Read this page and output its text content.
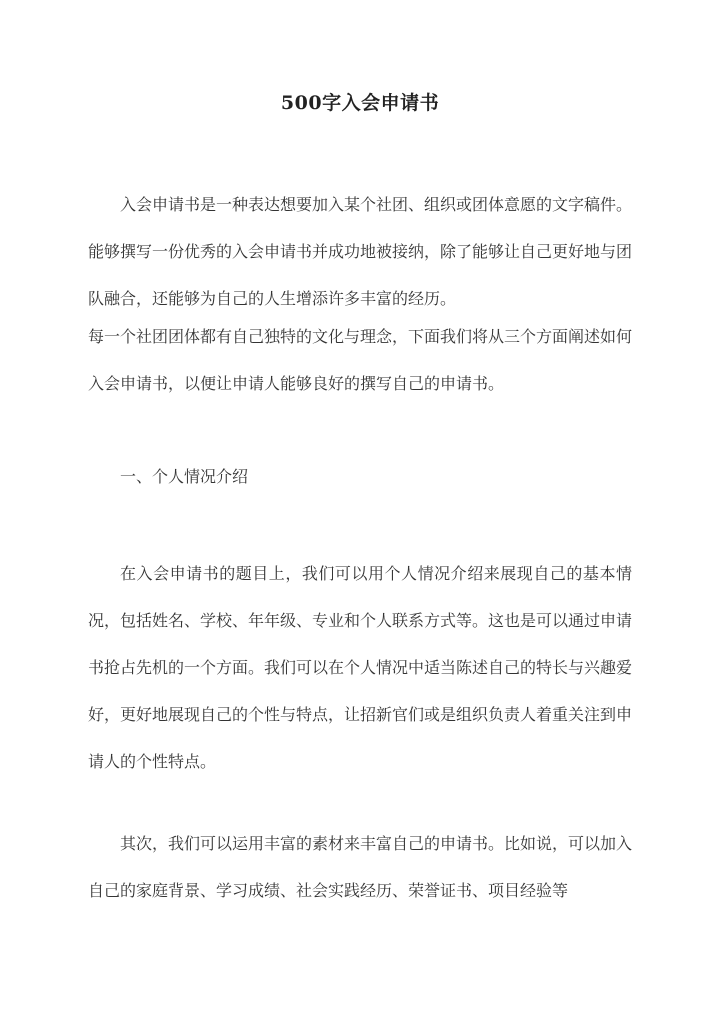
500字入会申请书

入会申请书是一种表达想要加入某个社团、组织或团体意愿的文字稿件。能够撰写一份优秀的入会申请书并成功地被接纳，除了能够让自己更好地与团队融合，还能够为自己的人生增添许多丰富的经历。

每一个社团团体都有自己独特的文化与理念，下面我们将从三个方面阐述如何入会申请书，以便让申请人能够良好的撰写自己的申请书。

一、个人情况介绍

在入会申请书的题目上，我们可以用个人情况介绍来展现自己的基本情况，包括姓名、学校、年年级、专业和个人联系方式等。这也是可以通过申请书抢占先机的一个方面。我们可以在个人情况中适当陈述自己的特长与兴趣爱好，更好地展现自己的个性与特点，让招新官们或是组织负责人着重关注到申请人的个性特点。

其次，我们可以运用丰富的素材来丰富自己的申请书。比如说，可以加入自己的家庭背景、学习成绩、社会实践经历、荣誉证书、项目经验等
